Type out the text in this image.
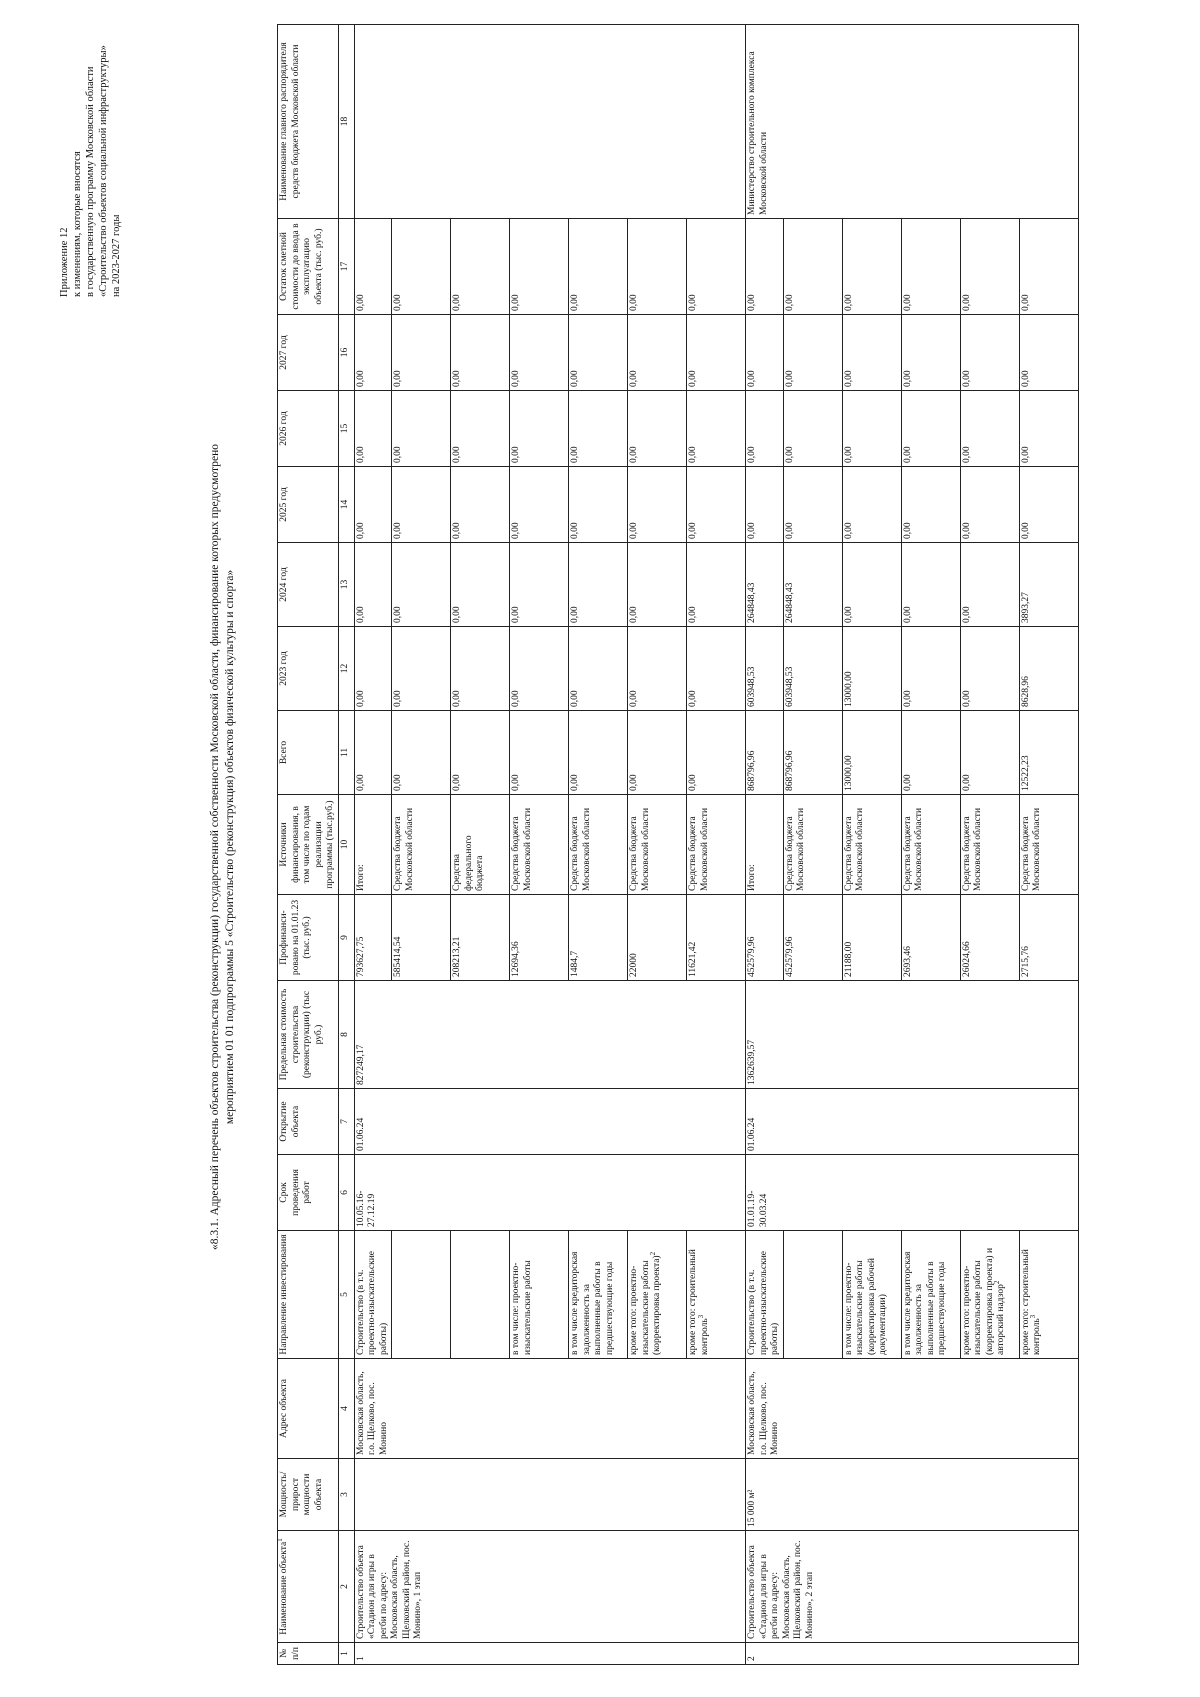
Приложение 12 к изменениям, которые вносятся в государственную программу Московской области «Строительство объектов социальной инфраструктуры» на 2023-2027 годы
«8.3.1. Адресный перечень объектов строительства (реконструкции) государственной собственности Московской области, финансирование которых предусмотрено мероприятием 01 01 подпрограммы 5 «Строительство (реконструкция) объектов физической культуры и спорта»
№ п/п	Наименование объекта$^1$	Мощность/ прирост мощности объекта	Адрес объекта	Направление инвестирования	Срок проведения работ	Открытие объекта	Предельная стоимость строительства (реконструкции) (тыс руб.)	Профинанси-ровано на 01.01.23 (тыс. руб.)	Источники финансирования, в том числе по годам реализации программы (тыс.руб.)	Всего	2023 год	2024 год	2025 год	2026 год	2027 год	Остаток сметной стоимости до ввода в эксплуатацию объекта (тыс. руб.)	Наименование главного распорядителя средств бюджета Московской области
1	2	3	4	5	6	7	8	9	10	11	12	13	14	15	16	17	18
1	Строительство объекта «Стадион для игры в регби по адресу: Московская область, Щелковский район, пос. Монино», 1 этап		Московская область, г.о. Щелково, пос. Монино	Строительство (в т.ч. проектно-изыскательские работы)	10.05.16-27.12.19	01.06.24	827249,17	793627,75	Итого:	0,00	0,00	0,00	0,00	0,00	0,00	0,00	
								585414,54	Средства бюджета Московской области	0,00	0,00	0,00	0,00	0,00	0,00	0,00	
								208213,21	Средства федерального бюджета	0,00	0,00	0,00	0,00	0,00	0,00	0,00	
				в том числе: проектно-изыскательские работы				12694,36	Средства бюджета Московской области	0,00	0,00	0,00	0,00	0,00	0,00	0,00	
				в том числе кредиторская задолженность за выполненные работы в предшествующие годы				1484,7	Средства бюджета Московской области	0,00	0,00	0,00	0,00	0,00	0,00	0,00	
				кроме того: проектно-изыскательские работы (корректировка проекта)$^2$				22000	Средства бюджета Московской области	0,00	0,00	0,00	0,00	0,00	0,00	0,00	
				кроме того: строительный контроль$^3$				11621,42	Средства бюджета Московской области	0,00	0,00	0,00	0,00	0,00	0,00	0,00	
2	Строительство объекта «Стадион для игры в регби по адресу: Московская область, Щелковский район, пос. Монино», 2 этап	15 000 м²	Московская область, г.о. Щелково, пос. Монино	Строительство (в т.ч. проектно-изыскательские работы)	01.01.19-30.03.24	01.06.24	1362639,57	452579,96	Итого:	868796,96	603948,53	264848,43	0,00	0,00	0,00	0,00	Министерство строительного комплекса Московской области
								452579,96	Средства бюджета Московской области	868796,96	603948,53	264848,43	0,00	0,00	0,00	0,00	
				в том числе: проектно-изыскательские работы (корректировка рабочей документации)				21188,00	Средства бюджета Московской области	13000,00	13000,00	0,00	0,00	0,00	0,00	0,00	
				в том числе кредиторская задолженность за выполненные работы в предшествующие годы				2693,46	Средства бюджета Московской области	0,00	0,00	0,00	0,00	0,00	0,00	0,00	
				кроме того: проектно-изыскательские работы (корректировка проекта) и авторский надзор$^2$				26024,66	Средства бюджета Московской области	0,00	0,00	0,00	0,00	0,00	0,00	0,00	
				кроме того: строительный контроль$^3$				2715,76	Средства бюджета Московской области	12522,23	8628,96	3893,27	0,00	0,00	0,00	0,00	
